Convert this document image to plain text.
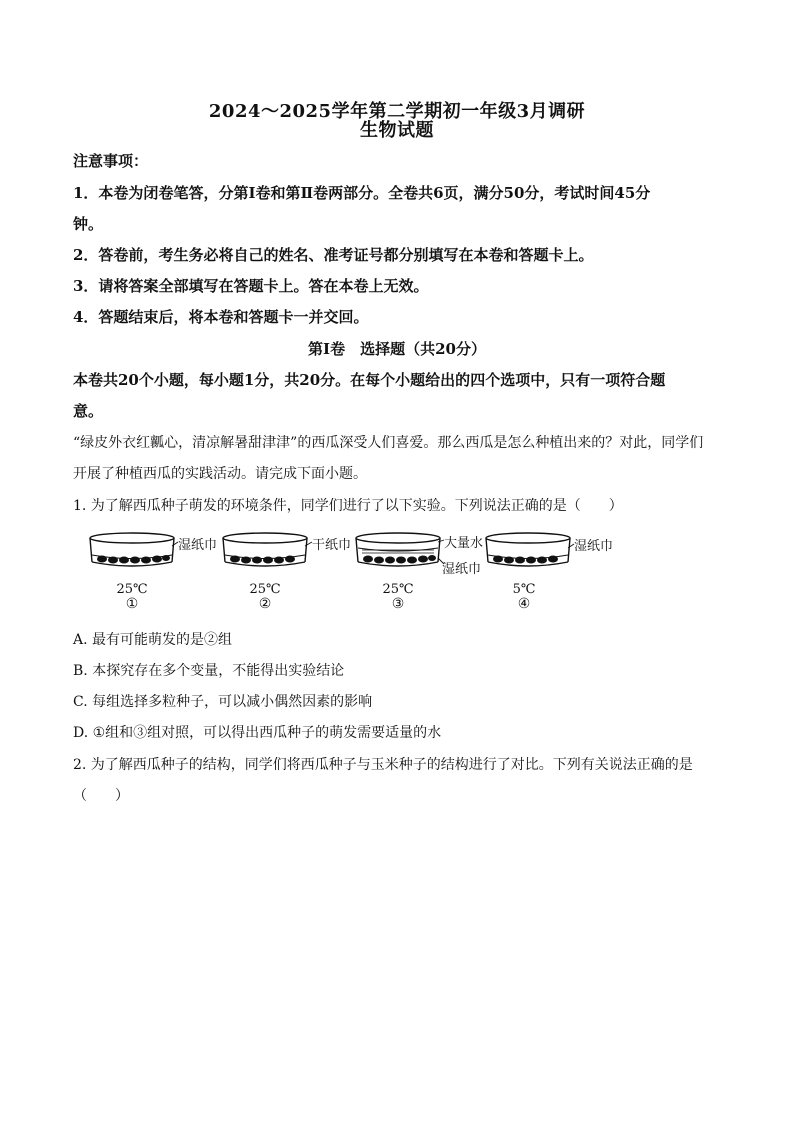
2024～2025学年第二学期初一年级3月调研
生物试题
注意事项：
1．本卷为闭卷笔答，分第Ⅰ卷和第Ⅱ卷两部分。全卷共6页，满分50分，考试时间45分
钟。
2．答卷前，考生务必将自己的姓名、准考证号都分别填写在本卷和答题卡上。
3．请将答案全部填写在答题卡上。答在本卷上无效。
4．答题结束后，将本卷和答题卡一并交回。
第Ⅰ卷　选择题（共20分）
本卷共20个小题，每小题1分，共20分。在每个小题给出的四个选项中，只有一项符合题
意。
“绿皮外衣红瓤心，清凉解暑甜津津”的西瓜深受人们喜爱。那么西瓜是怎么种植出来的？对此，同学们
开展了种植西瓜的实践活动。请完成下面小题。
1. 为了解西瓜种子萌发的环境条件，同学们进行了以下实验。下列说法正确的是（　　）
湿纸巾	干纸巾	大量水
湿纸巾
湿纸巾
25℃	25℃	25℃	5℃
①	②	③	④
A. 最有可能萌发的是②组
B. 本探究存在多个变量，不能得出实验结论
C. 每组选择多粒种子，可以减小偶然因素的影响
D. ①组和③组对照，可以得出西瓜种子的萌发需要适量的水
2. 为了解西瓜种子的结构，同学们将西瓜种子与玉米种子的结构进行了对比。下列有关说法正确的是
（　　）
